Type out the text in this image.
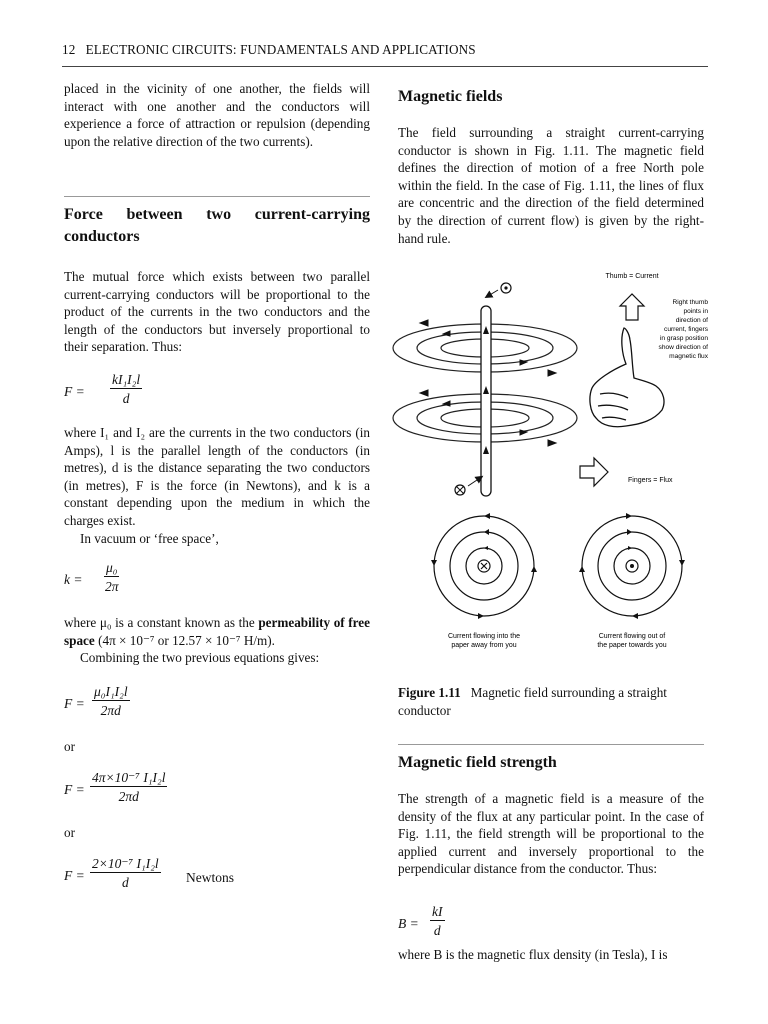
12 ELECTRONIC CIRCUITS: FUNDAMENTALS AND APPLICATIONS

placed in the vicinity of one another, the fields will interact with one another and the conductors will experience a force of attraction or repulsion (depending upon the relative direction of the two currents).

Force between two current-carrying conductors

The mutual force which exists between two parallel current-carrying conductors will be proportional to the product of the currents in the two conductors and the length of the conductors but inversely proportional to their separation. Thus:

$F = \frac{\text{kI₁I₂l}}{d}$

where I₁ and I₂ are the currents in the two conductors (in Amps), l is the parallel length of the conductors (in metres), d is the distance separating the two conductors (in metres), F is the force (in Newtons), and k is a constant depending upon the medium in which the charges exist.

In vacuum or ‘free space’,

$k = \frac{\text{μ₀}}{2\pi}$

where μ₀ is a constant known as the permeability of free space (4π × 10⁻⁷ or 12.57 × 10⁻⁷ H/m).

Combining the two previous equations gives:

$F = \frac{\text{μ₀I₁I₂l}}{2\pi d}$
or
$F = \frac{\text{4π×10⁻⁷ I₁I₂l}}{2\pi d}$
or
$F = \frac{\text{2×10⁻⁷ I₁I₂l}}{d}$ Newtons
Magnetic fields

The field surrounding a straight current-carrying conductor is shown in Fig. 1.11. The magnetic field defines the direction of motion of a free North pole within the field. In the case of Fig. 1.11, the lines of flux are concentric and the direction of the field determined by the direction of current flow) is given by the right-hand rule.

Thumb = Current
Right thumb
points in
direction of
current, fingers
in grasp position
show direction of
magnetic flux
Fingers = Flux
Current flowing into the
paper away from you
Current flowing out of
the paper towards you
Figure 1.11 Magnetic field surrounding a straight conductor
Magnetic field strength

The strength of a magnetic field is a measure of the density of the flux at any particular point. In the case of Fig. 1.11, the field strength will be proportional to the applied current and inversely proportional to the perpendicular distance from the conductor. Thus:

$B = \frac{kI}{d}$

where B is the magnetic flux density (in Tesla), I is
